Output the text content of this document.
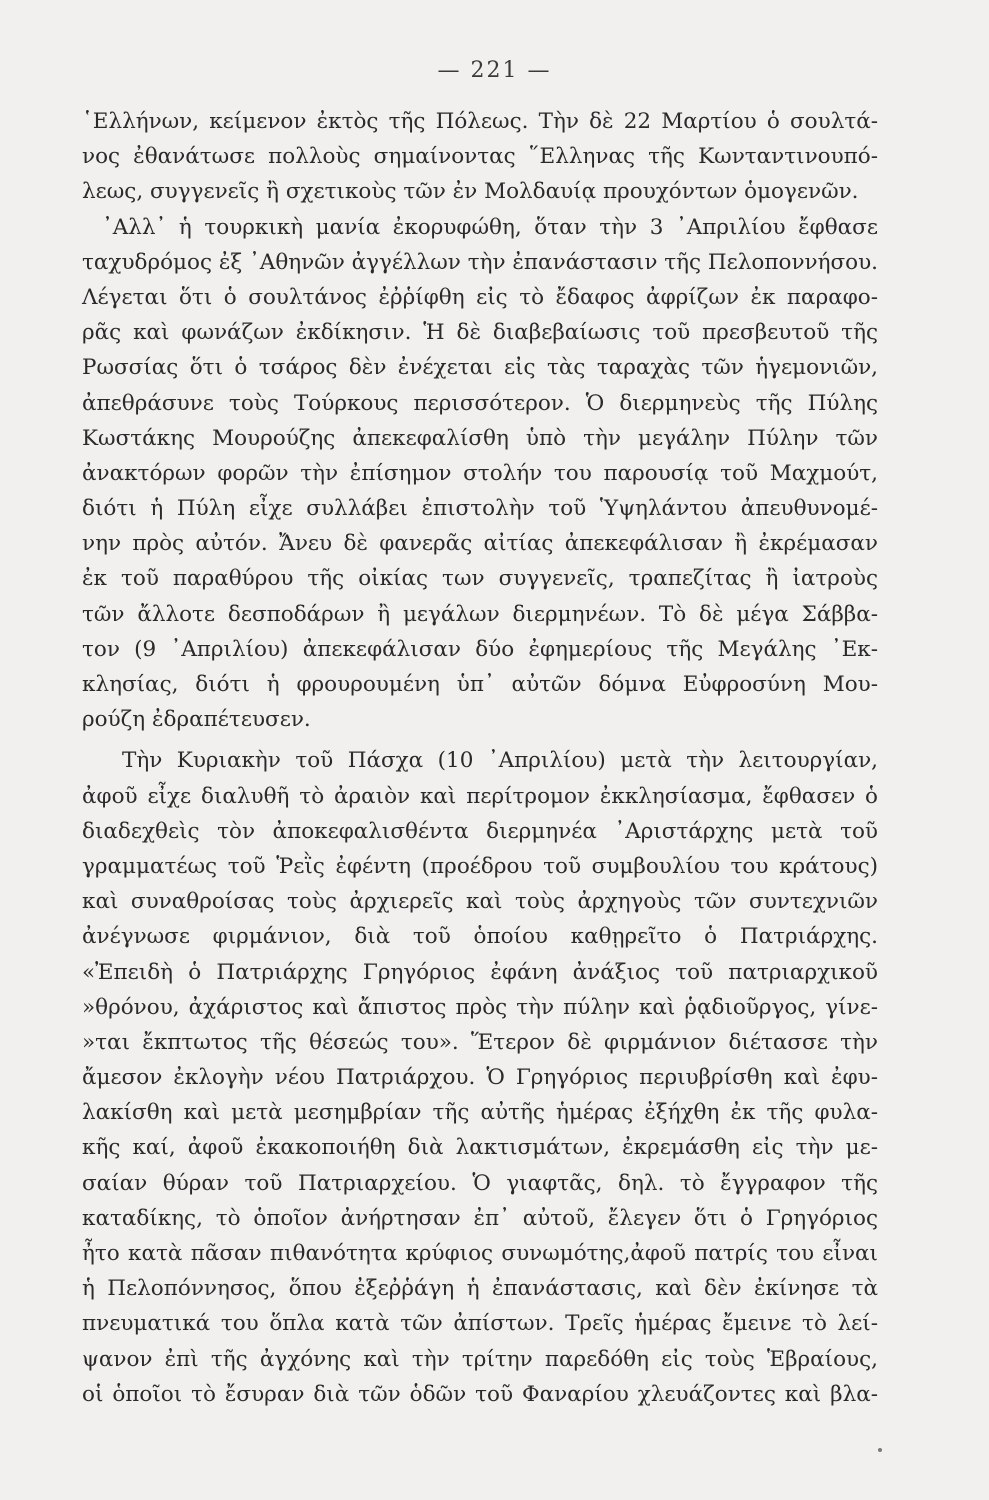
— 221 —
῾Ελλήνων, κείμενον ἐκτὸς τῆς Πόλεως. Τὴν δὲ 22 Μαρτίου ὁ σουλτά-
νος ἐθανάτωσε πολλοὺς σημαίνοντας ῞Ελληνας τῆς Κωνταντινουπό-
λεως, συγγενεῖς ἢ σχετικοὺς τῶν ἐν Μολδαυίᾳ προυχόντων ὁμογενῶν.
᾿Αλλ᾿ ἡ τουρκικὴ μανία ἐκορυφώθη, ὅταν τὴν 3 ᾿Απριλίου ἔφθασε
ταχυδρόμος ἐξ ᾿Αθηνῶν ἀγγέλλων τὴν ἐπανάστασιν τῆς Πελοποννήσου.
Λέγεται ὅτι ὁ σουλτάνος ἐῤῥίφθη εἰς τὸ ἔδαφος ἀφρίζων ἐκ παραφο-
ρᾶς καὶ φωνάζων ἐκδίκησιν. Ἡ δὲ διαβεβαίωσις τοῦ πρεσβευτοῦ τῆς
Ρωσσίας ὅτι ὁ τσάρος δὲν ἐνέχεται εἰς τὰς ταραχὰς τῶν ἡγεμονιῶν,
ἀπεθράσυνε τοὺς Τούρκους περισσότερον. Ὁ διερμηνεὺς τῆς Πύλης
Κωστάκης Μουρούζης ἀπεκεφαλίσθη ὑπὸ τὴν μεγάλην Πύλην τῶν
ἀνακτόρων φορῶν τὴν ἐπίσημον στολήν του παρουσίᾳ τοῦ Μαχμούτ,
διότι ἡ Πύλη εἶχε συλλάβει ἐπιστολὴν τοῦ Ὑψηλάντου ἀπευθυνομέ-
νην πρὸς αὐτόν. Ἄνευ δὲ φανερᾶς αἰτίας ἀπεκεφάλισαν ἢ ἐκρέμασαν
ἐκ τοῦ παραθύρου τῆς οἰκίας των συγγενεῖς, τραπεζίτας ἢ ἰατροὺς
τῶν ἄλλοτε δεσποδάρων ἢ μεγάλων διερμηνέων. Τὸ δὲ μέγα Σάββα-
τον (9 ᾿Απριλίου) ἀπεκεφάλισαν δύο ἐφημερίους τῆς Μεγάλης ᾿Εκ-
κλησίας, διότι ἡ φρουρουμένη ὑπ᾿ αὐτῶν δόμνα Εὐφροσύνη Μου-
ρούζη ἐδραπέτευσεν.
Τὴν Κυριακὴν τοῦ Πάσχα (10 ᾿Απριλίου) μετὰ τὴν λειτουργίαν,
ἀφοῦ εἶχε διαλυθῆ τὸ ἀραιὸν καὶ περίτρομον ἐκκλησίασμα, ἔφθασεν ὁ
διαδεχθεὶς τὸν ἀποκεφαλισθέντα διερμηνέα ᾿Αριστάρχης μετὰ τοῦ
γραμματέως τοῦ Ῥεῒς ἐφέντη (προέδρου τοῦ συμβουλίου του κράτους)
καὶ συναθροίσας τοὺς ἀρχιερεῖς καὶ τοὺς ἀρχηγοὺς τῶν συντεχνιῶν
ἀνέγνωσε φιρμάνιον, διὰ τοῦ ὁποίου καθῃρεῖτο ὁ Πατριάρχης.
«Ἐπειδὴ ὁ Πατριάρχης Γρηγόριος ἐφάνη ἀνάξιος τοῦ πατριαρχικοῦ
»θρόνου, ἀχάριστος καὶ ἄπιστος πρὸς τὴν πύλην καὶ ῥᾳδιοῦργος, γίνε-
»ται ἔκπτωτος τῆς θέσεώς του». Ἕτερον δὲ φιρμάνιον διέτασσε τὴν
ἄμεσον ἐκλογὴν νέου Πατριάρχου. Ὁ Γρηγόριος περιυβρίσθη καὶ ἐφυ-
λακίσθη καὶ μετὰ μεσημβρίαν τῆς αὐτῆς ἡμέρας ἐξήχθη ἐκ τῆς φυλα-
κῆς καί, ἀφοῦ ἐκακοποιήθη διὰ λακτισμάτων, ἐκρεμάσθη εἰς τὴν με-
σαίαν θύραν τοῦ Πατριαρχείου. Ὁ γιαφτᾶς, δηλ. τὸ ἔγγραφον τῆς
καταδίκης, τὸ ὁποῖον ἀνήρτησαν ἐπ᾿ αὐτοῦ, ἔλεγεν ὅτι ὁ Γρηγόριος
ἦτο κατὰ πᾶσαν πιθανότητα κρύφιος συνωμότης,ἀφοῦ πατρίς του εἶναι
ἡ Πελοπόννησος, ὅπου ἐξεῤῥάγη ἡ ἐπανάστασις, καὶ δὲν ἐκίνησε τὰ
πνευματικά του ὅπλα κατὰ τῶν ἀπίστων. Τρεῖς ἡμέρας ἔμεινε τὸ λεί-
ψανον ἐπὶ τῆς ἀγχόνης καὶ τὴν τρίτην παρεδόθη εἰς τοὺς Ἑβραίους,
οἱ ὁποῖοι τὸ ἔσυραν διὰ τῶν ὁδῶν τοῦ Φαναρίου χλευάζοντες καὶ βλα-
